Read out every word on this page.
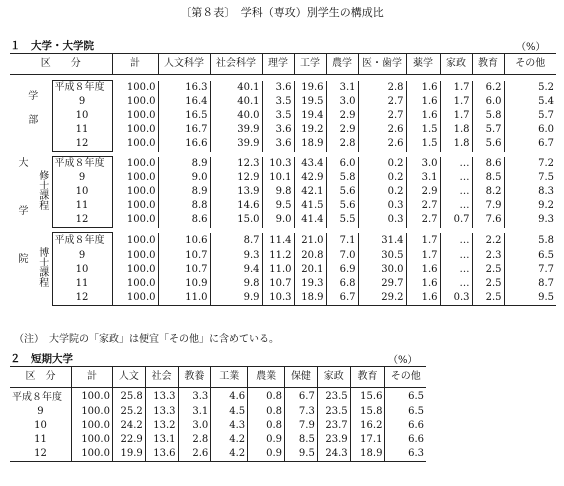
〔第８表〕　学科（専攻）別学生の構成比
１　大学・大学院	（%）
区　　分			計	人文科学	社会科学	理学	工学	農学	医・歯学	薬学	家政	教育	その他

学部		平成８年度	100.0	16.3	40.1	3.6	19.6	3.1	2.8	1.6	1.7	6.2	5.2
		9	100.0	16.4	40.1	3.5	19.5	3.0	2.7	1.6	1.7	6.0	5.4
		10	100.0	16.5	40.0	3.5	19.4	2.9	2.7	1.6	1.7	5.8	5.7
		11	100.0	16.7	39.9	3.6	19.2	2.9	2.6	1.5	1.8	5.7	6.0
		12	100.0	16.6	39.9	3.6	18.9	2.8	2.6	1.5	1.8	5.6	6.7

大学院	修士課程	平成８年度	100.0	8.9	12.3	10.3	43.4	6.0	0.2	3.0	…	8.6	7.2
		9	100.0	9.0	12.9	10.1	42.9	5.8	0.2	3.1	…	8.5	7.5
		10	100.0	8.9	13.9	9.8	42.1	5.6	0.2	2.9	…	8.2	8.3
		11	100.0	8.8	14.6	9.5	41.5	5.6	0.3	2.7	…	7.9	9.2
		12	100.0	8.6	15.0	9.0	41.4	5.5	0.3	2.7	0.7	7.6	9.3

	博士課程	平成８年度	100.0	10.6	8.7	11.4	21.0	7.1	31.4	1.7	…	2.2	5.8
		9	100.0	10.7	9.3	11.2	20.8	7.0	30.5	1.7	…	2.3	6.5
		10	100.0	10.7	9.4	11.0	20.1	6.9	30.0	1.6	…	2.5	7.7
		11	100.0	10.9	9.8	10.7	19.3	6.8	29.7	1.6	…	2.5	8.7
		12	100.0	11.0	9.9	10.3	18.9	6.7	29.2	1.6	0.3	2.5	9.5
（注）　大学院の「家政」は便宜「その他」に含めている。
２　短期大学	（%）
区　分	計	人文	社会	教養	工業	農業	保健	家政	教育	その他
平成８年度	100.0	25.8	13.3	3.3	4.6	0.8	6.7	23.5	15.6	6.5
9	100.0	25.2	13.3	3.1	4.5	0.8	7.3	23.5	15.8	6.5
10	100.0	24.2	13.2	3.0	4.3	0.8	7.9	23.7	16.2	6.6
11	100.0	22.9	13.1	2.8	4.2	0.9	8.5	23.9	17.1	6.6
12	100.0	19.9	13.6	2.6	4.2	0.9	9.5	24.3	18.9	6.3
